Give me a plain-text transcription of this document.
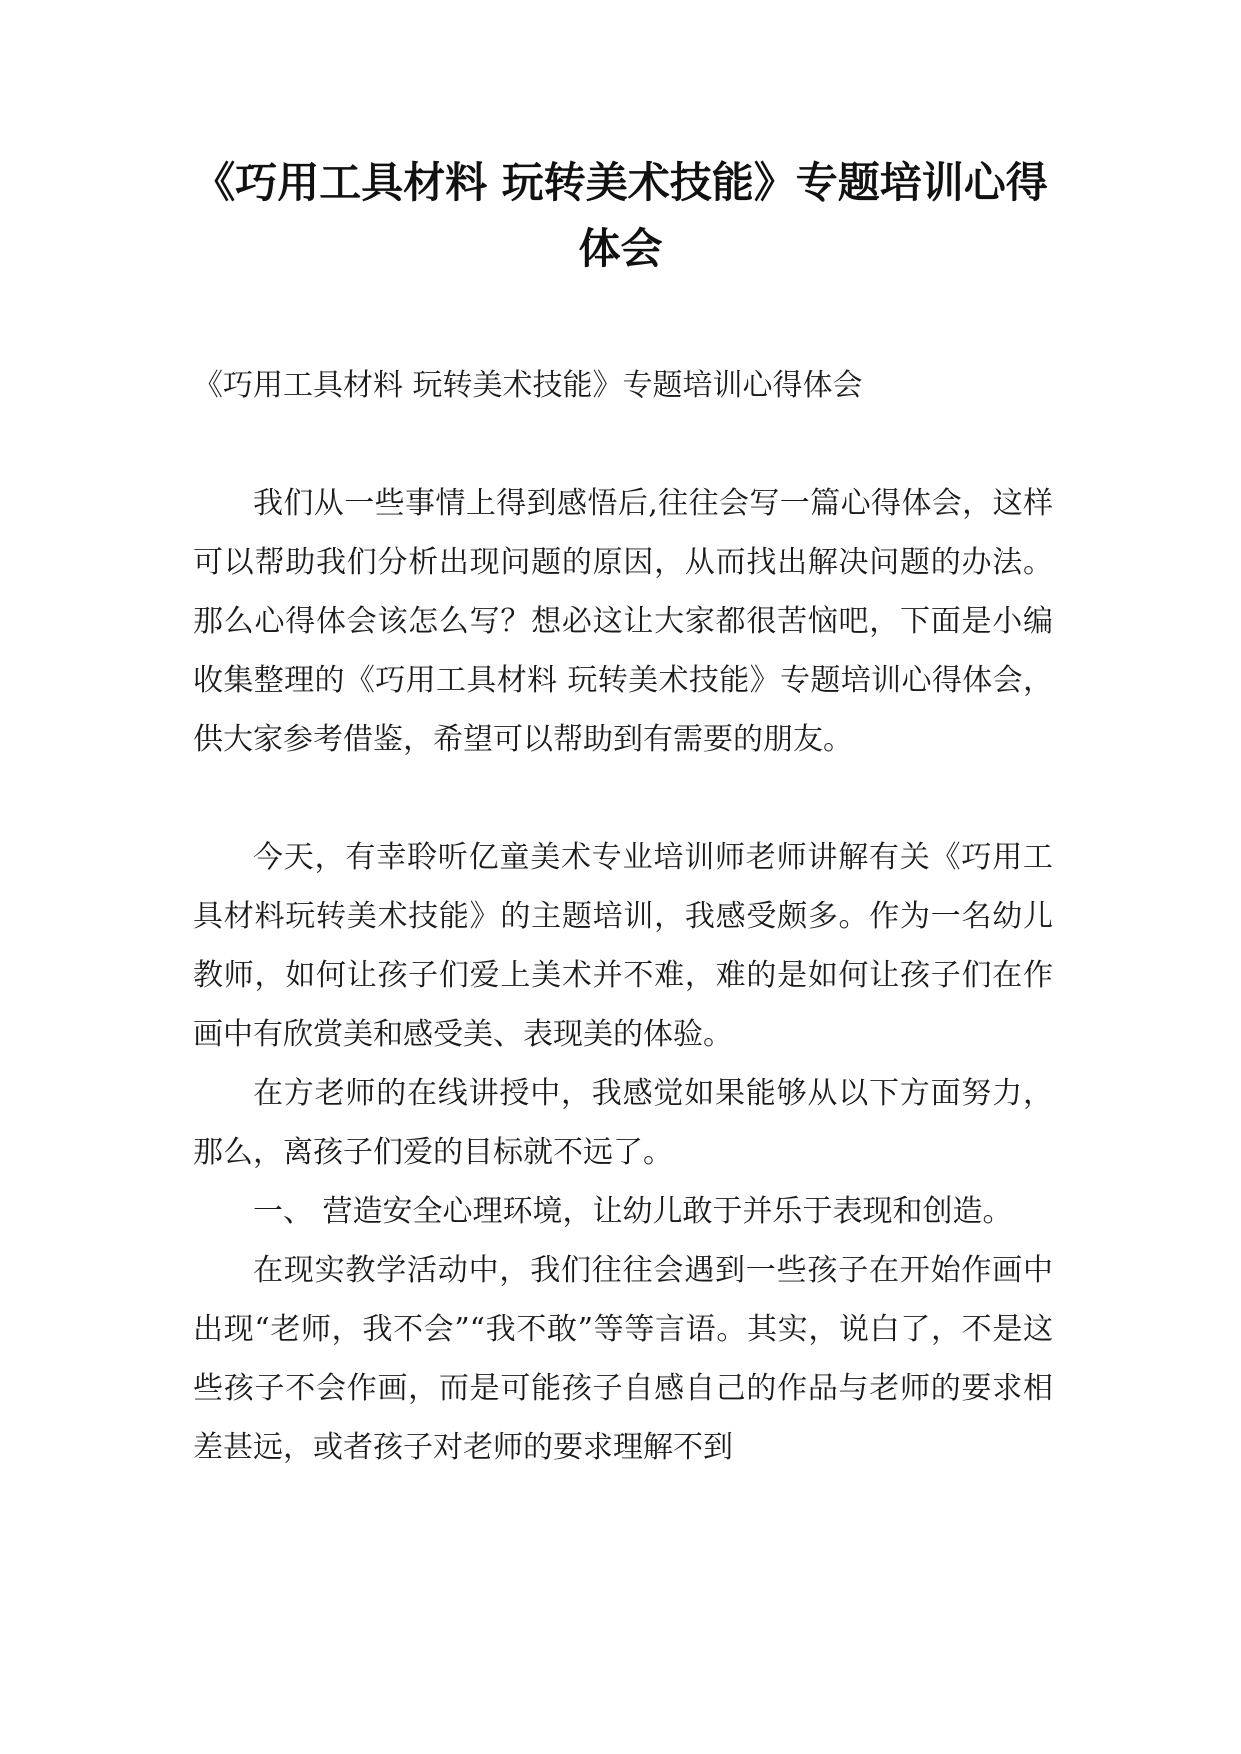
《巧用工具材料 玩转美术技能》专题培训心得体会

《巧用工具材料 玩转美术技能》专题培训心得体会

我们从一些事情上得到感悟后,往往会写一篇心得体会，这样可以帮助我们分析出现问题的原因，从而找出解决问题的办法。那么心得体会该怎么写？想必这让大家都很苦恼吧，下面是小编收集整理的《巧用工具材料 玩转美术技能》专题培训心得体会，供大家参考借鉴，希望可以帮助到有需要的朋友。

今天，有幸聆听亿童美术专业培训师老师讲解有关《巧用工具材料玩转美术技能》的主题培训，我感受颇多。作为一名幼儿教师，如何让孩子们爱上美术并不难，难的是如何让孩子们在作画中有欣赏美和感受美、表现美的体验。

在方老师的在线讲授中，我感觉如果能够从以下方面努力，那么，离孩子们爱的目标就不远了。

一、 营造安全心理环境，让幼儿敢于并乐于表现和创造。

在现实教学活动中，我们往往会遇到一些孩子在开始作画中出现“老师，我不会”“我不敢”等等言语。其实，说白了，不是这些孩子不会作画，而是可能孩子自感自己的作品与老师的要求相差甚远，或者孩子对老师的要求理解不到
